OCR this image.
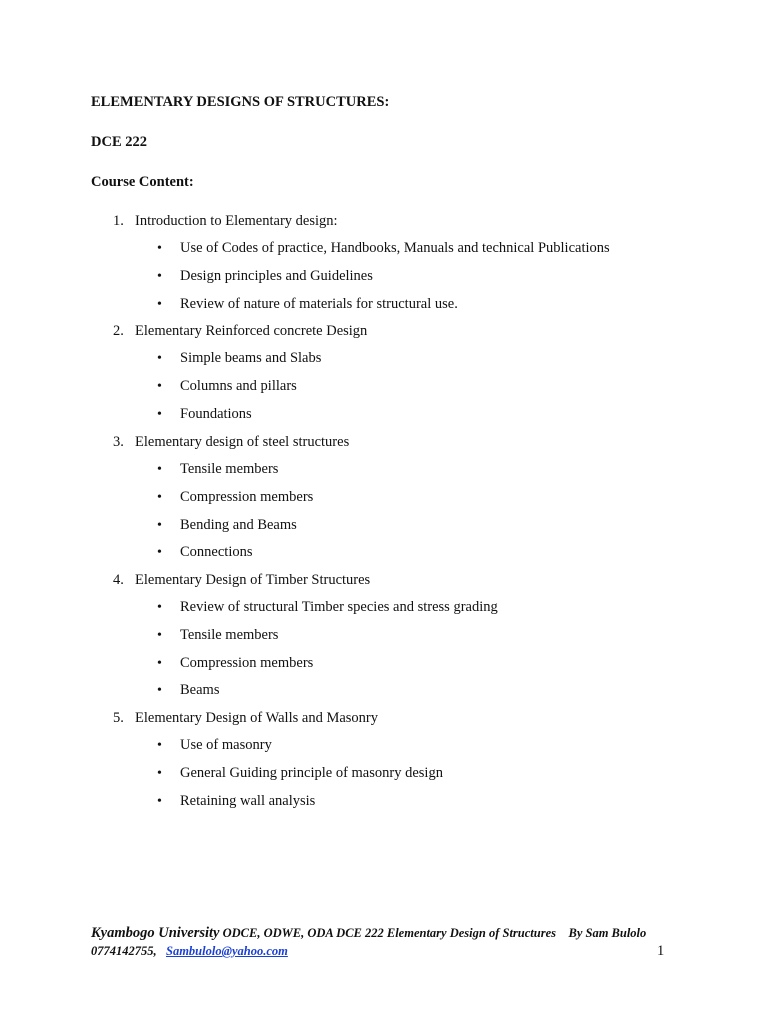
ELEMENTARY DESIGNS OF STRUCTURES:
DCE 222
Course Content:
1. Introduction to Elementary design:
• Use of Codes of practice, Handbooks, Manuals and technical Publications
• Design principles and Guidelines
• Review of nature of materials for structural use.
2. Elementary Reinforced concrete Design
• Simple beams and Slabs
• Columns and pillars
• Foundations
3. Elementary design of steel structures
• Tensile members
• Compression members
• Bending and Beams
• Connections
4. Elementary Design of Timber Structures
• Review of structural Timber species and stress grading
• Tensile members
• Compression members
• Beams
5. Elementary Design of Walls and Masonry
• Use of masonry
• General Guiding principle of masonry design
• Retaining wall analysis
Kyambogo University ODCE, ODWE, ODA DCE 222 Elementary Design of Structures By Sam Bulolo
0774142755, Sambulolo@yahoo.com	1
